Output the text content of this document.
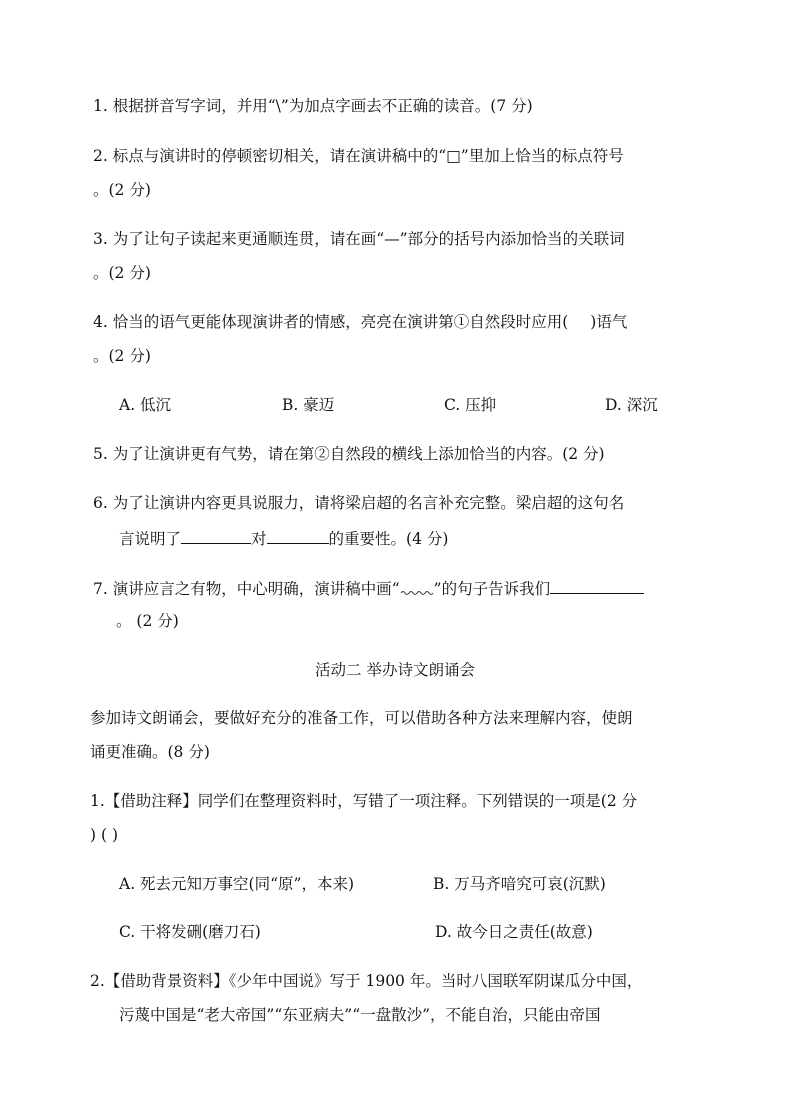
1. 根据拼音写字词，并用“\”为加点字画去不正确的读音。(7 分)
2. 标点与演讲时的停顿密切相关，请在演讲稿中的“□”里加上恰当的标点符号
。(2 分)
3. 为了让句子读起来更通顺连贯，请在画“—”部分的括号内添加恰当的关联词
。(2 分)
4. 恰当的语气更能体现演讲者的情感，亮亮在演讲第①自然段时应用( )语气
。(2 分)
A. 低沉	B. 豪迈	C. 压抑	D. 深沉
5. 为了让演讲更有气势，请在第②自然段的横线上添加恰当的内容。(2 分)
6. 为了让演讲内容更具说服力，请将梁启超的名言补充完整。梁启超的这句名
言说明了	对	的重要性。(4 分)
7. 演讲应言之有物，中心明确，演讲稿中画“ ”的句子告诉我们
。 (2 分)
活动二 举办诗文朗诵会
参加诗文朗诵会，要做好充分的准备工作，可以借助各种方法来理解内容，使朗
诵更准确。(8 分)
1.【借助注释】同学们在整理资料时，写错了一项注释。下列错误的一项是(2 分
) ( )
A. 死去元知万事空(同“原”，本来)	B. 万马齐喑究可哀(沉默)
C. 干将发硎(磨刀石)	D. 故今日之责任(故意)
2.【借助背景资料】《少年中国说》写于 1900 年。当时八国联军阴谋瓜分中国，
污蔑中国是“老大帝国”“东亚病夫”“一盘散沙”，不能自治，只能由帝国
